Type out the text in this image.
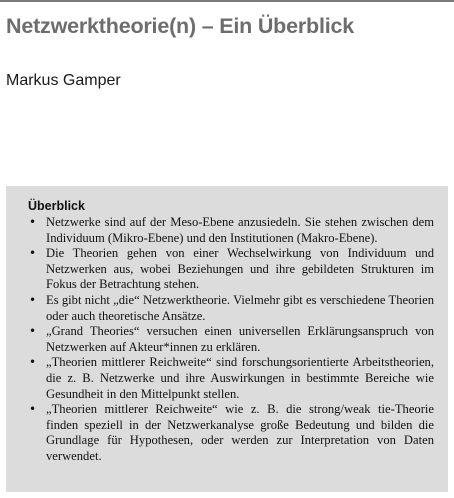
Netzwerktheorie(n) – Ein Überblick

Markus Gamper

Überblick
• Netzwerke sind auf der Meso-Ebene anzusiedeln. Sie stehen zwischen dem Individuum (Mikro-Ebene) und den Institutionen (Makro-Ebene).
• Die Theorien gehen von einer Wechselwirkung von Individuum und Netzwerken aus, wobei Beziehungen und ihre gebildeten Strukturen im Fokus der Betrachtung stehen.
• Es gibt nicht „die“ Netzwerktheorie. Vielmehr gibt es verschiedene Theorien oder auch theoretische Ansätze.
• „Grand Theories“ versuchen einen universellen Erklärungsanspruch von Netzwerken auf Akteur*innen zu erklären.
• „Theorien mittlerer Reichweite“ sind forschungsorientierte Arbeitstheorien, die z. B. Netzwerke und ihre Auswirkungen in bestimmte Bereiche wie Gesundheit in den Mittelpunkt stellen.
• „Theorien mittlerer Reichweite“ wie z. B. die strong/weak tie-Theorie finden speziell in der Netzwerkanalyse große Bedeutung und bilden die Grundlage für Hypothesen, oder werden zur Interpretation von Daten verwendet.
